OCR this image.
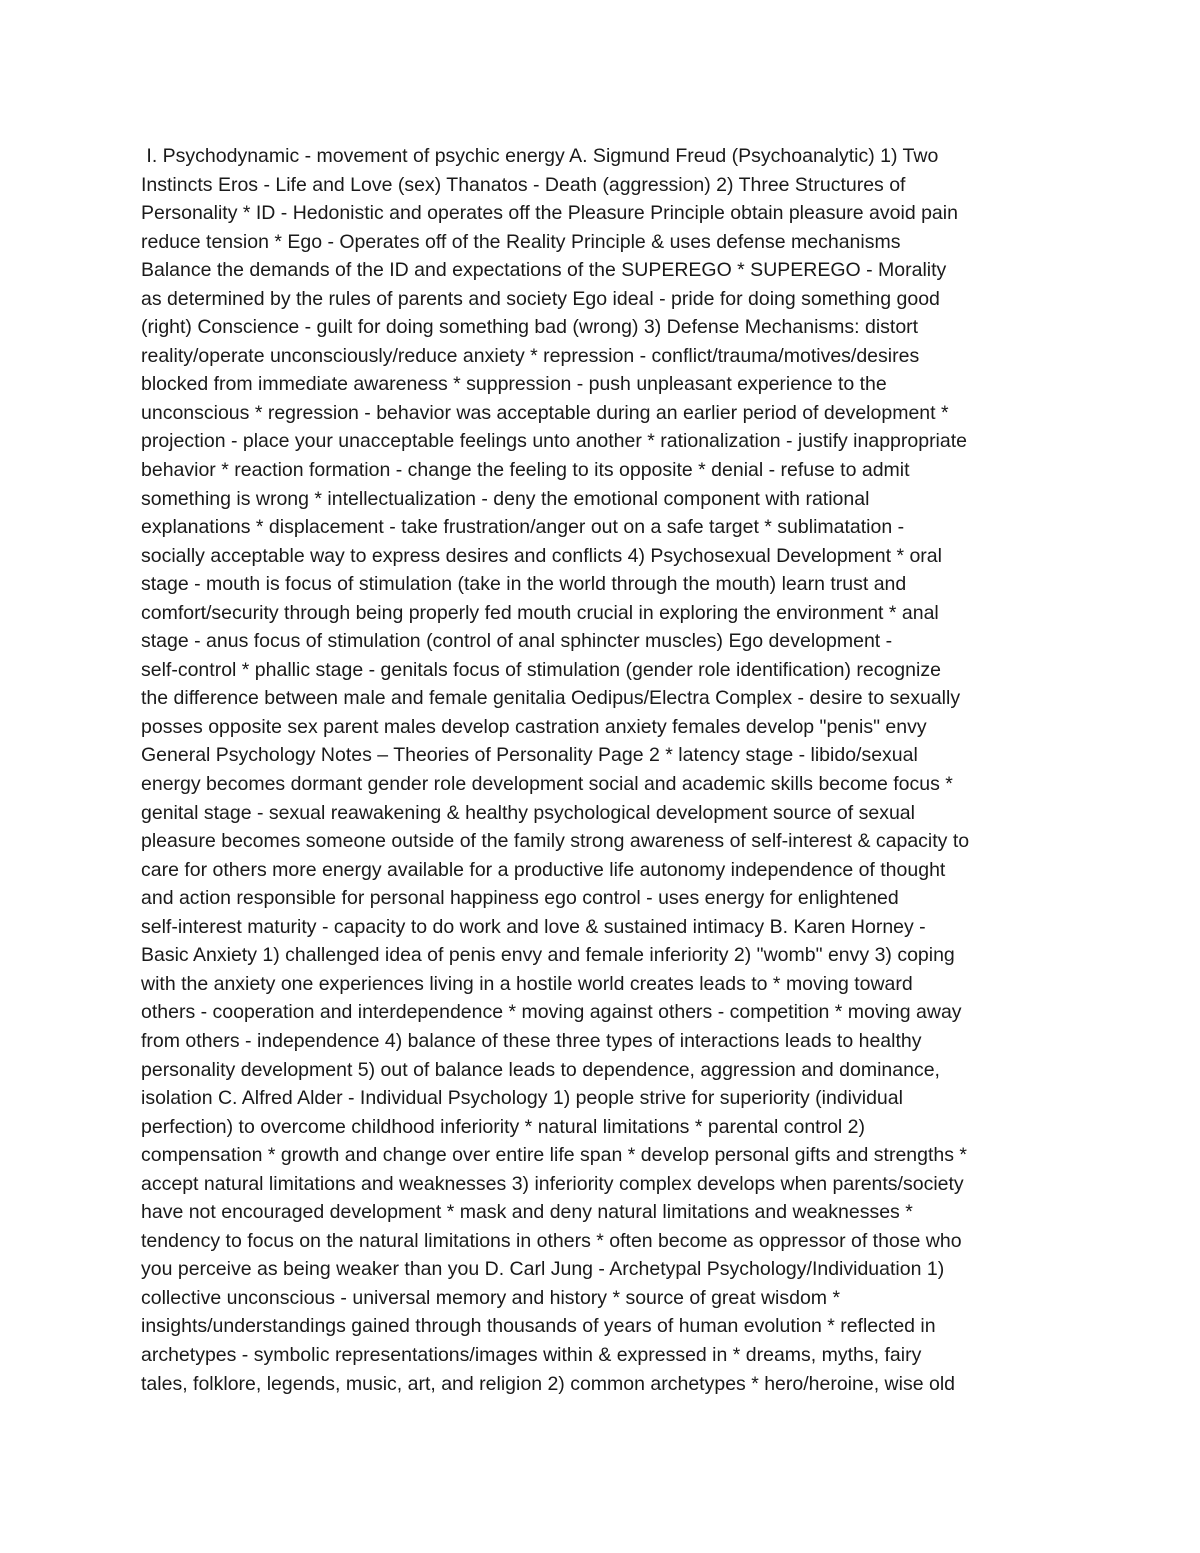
I. Psychodynamic - movement of psychic energy A. Sigmund Freud (Psychoanalytic) 1) Two
Instincts Eros - Life and Love (sex) Thanatos - Death (aggression) 2) Three Structures of
Personality * ID - Hedonistic and operates off the Pleasure Principle obtain pleasure avoid pain
reduce tension * Ego - Operates off of the Reality Principle & uses defense mechanisms
Balance the demands of the ID and expectations of the SUPEREGO * SUPEREGO - Morality
as determined by the rules of parents and society Ego ideal - pride for doing something good
(right) Conscience - guilt for doing something bad (wrong) 3) Defense Mechanisms: distort
reality/operate unconsciously/reduce anxiety * repression - conflict/trauma/motives/desires
blocked from immediate awareness * suppression - push unpleasant experience to the
unconscious * regression - behavior was acceptable during an earlier period of development *
projection - place your unacceptable feelings unto another * rationalization - justify inappropriate
behavior * reaction formation - change the feeling to its opposite * denial - refuse to admit
something is wrong * intellectualization - deny the emotional component with rational
explanations * displacement - take frustration/anger out on a safe target * sublimatation -
socially acceptable way to express desires and conflicts 4) Psychosexual Development * oral
stage - mouth is focus of stimulation (take in the world through the mouth) learn trust and
comfort/security through being properly fed mouth crucial in exploring the environment * anal
stage - anus focus of stimulation (control of anal sphincter muscles) Ego development -
self-control * phallic stage - genitals focus of stimulation (gender role identification) recognize
the difference between male and female genitalia Oedipus/Electra Complex - desire to sexually
posses opposite sex parent males develop castration anxiety females develop "penis" envy
General Psychology Notes – Theories of Personality Page 2 * latency stage - libido/sexual
energy becomes dormant gender role development social and academic skills become focus *
genital stage - sexual reawakening & healthy psychological development source of sexual
pleasure becomes someone outside of the family strong awareness of self-interest & capacity to
care for others more energy available for a productive life autonomy independence of thought
and action responsible for personal happiness ego control - uses energy for enlightened
self-interest maturity - capacity to do work and love & sustained intimacy B. Karen Horney -
Basic Anxiety 1) challenged idea of penis envy and female inferiority 2) "womb" envy 3) coping
with the anxiety one experiences living in a hostile world creates leads to * moving toward
others - cooperation and interdependence * moving against others - competition * moving away
from others - independence 4) balance of these three types of interactions leads to healthy
personality development 5) out of balance leads to dependence, aggression and dominance,
isolation C. Alfred Alder - Individual Psychology 1) people strive for superiority (individual
perfection) to overcome childhood inferiority * natural limitations * parental control 2)
compensation * growth and change over entire life span * develop personal gifts and strengths *
accept natural limitations and weaknesses 3) inferiority complex develops when parents/society
have not encouraged development * mask and deny natural limitations and weaknesses *
tendency to focus on the natural limitations in others * often become as oppressor of those who
you perceive as being weaker than you D. Carl Jung - Archetypal Psychology/Individuation 1)
collective unconscious - universal memory and history * source of great wisdom *
insights/understandings gained through thousands of years of human evolution * reflected in
archetypes - symbolic representations/images within & expressed in * dreams, myths, fairy
tales, folklore, legends, music, art, and religion 2) common archetypes * hero/heroine, wise old
